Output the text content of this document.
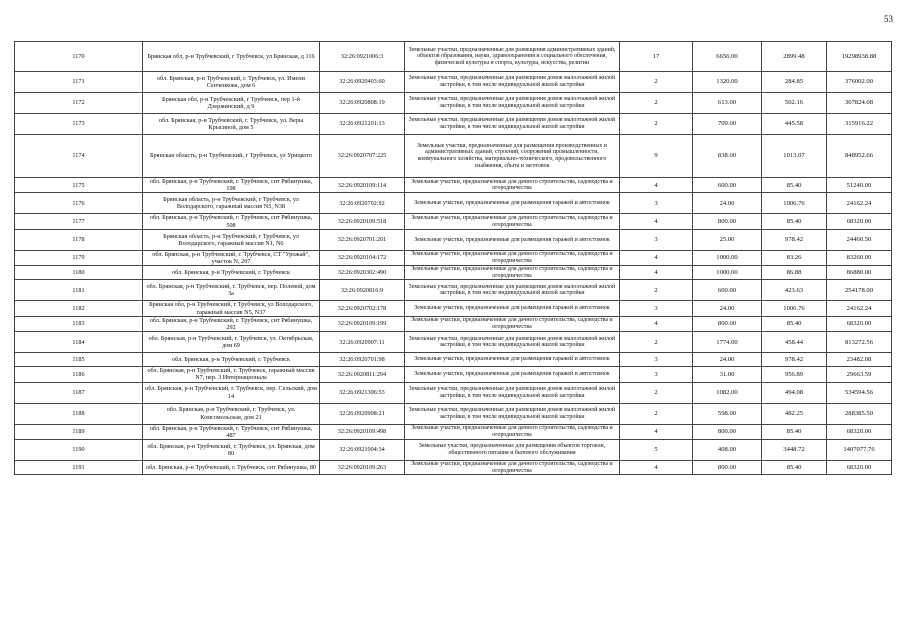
53
1170	Брянская обл, р-н Трубчевский, г Трубчевск, ул Брянская, д 116	32:26:0921006:3	Земельные участки, предназначенные для размещения административных зданий, объектов образования, науки, здравоохранения и социального обеспечения, физической культуры и спорта, культуры, искусства, религии	17	6656.00	2899.48	19298938.88
1171	обл. Брянская, р-н Трубчевский, г. Трубчевск, ул. Имени Сенченкова, дом 6	32:26:0920403:60	Земельные участки, предназначенные для размещения домов малоэтажной жилой застройки, в том числе индивидуальной жилой застройки	2	1320.00	284.85	376002.00
1172	Брянская обл, р-н Трубчевский, г Трубчевск, пер 1-й Дзержинский, д 9	32:26:0920808:19	Земельные участки, предназначенные для размещения домов малоэтажной жилой застройки, в том числе индивидуальной жилой застройки	2	613.00	502.16	307824.08
1173	обл. Брянская, р-н Трубчевский, г. Трубчевск, ул. Веры Крысиной, дом 5	32:26:0921201:13	Земельные участки, предназначенные для размещения домов малоэтажной жилой застройки, в том числе индивидуальной жилой застройки	2	709.00	445.58	315916.22
1174	Брянская область, р-н Трубчевский, г Трубчевск, ул Урицкого	32:26:0920707:225	Земельные участки, предназначенные для размещения производственных и административных зданий, строений, сооружений промышленности, коммунального хозяйства, материально-технического, продовольственного снабжения, сбыта и заготовок	9	838.00	1013.07	848952.66
1175	обл. Брянская, р-н Трубчевский, г. Трубчевск, снт Рябинушка, 198	32:26:0920109:114	Земельные участки, предназначенные для дачного строительства, садоводства и огородничества	4	600.00	85.40	51240.00
1176	Брянская область, р-н Трубчевский, г Трубчевск, ул Володарского, гаражный массив N5, N38	32:26:0920702:92	Земельные участки, предназначенные для размещения гаражей и автостоянок	3	24.00	1006.76	24162.24
1177	обл. Брянская, р-н Трубчевский, г. Трубчевск, снт Рябинушка, 508	32:26:0920109:518	Земельные участки, предназначенные для дачного строительства, садоводства и огородничества	4	800.00	85.40	68320.00
1178	Брянская область, р-н Трубчевский, г Трубчевск, ул Володарского, гаражный массив N1, N6	32:26:0920701:201	Земельные участки, предназначенные для размещения гаражей и автостоянок	3	25.00	978.42	24460.50
1179	обл. Брянская, р-н Трубчевский, г. Трубчевск, СТ "Урожай", участок N, 207	32:26:0920104:172	Земельные участки, предназначенные для дачного строительства, садоводства и огородничества	4	1000.00	83.26	83260.00
1180	обл. Брянская, р-н Трубчевский, г. Трубчевск	32:26:0920302:490	Земельные участки, предназначенные для дачного строительства, садоводства и огородничества	4	1000.00	86.88	86880.00
1181	обл. Брянская, р-н Трубчевский, г. Трубчевск, пер. Полевой, дом 3а	32:26:0920816:9	Земельные участки, предназначенные для размещения домов малоэтажной жилой застройки, в том числе индивидуальной жилой застройки	2	600.00	423.63	254178.00
1182	Брянская обл, р-н Трубчевский, г Трубчевск, ул Володарского, гаражный массив N5, N37	32:26:0920702:178	Земельные участки, предназначенные для размещения гаражей и автостоянок	3	24.00	1006.76	24162.24
1183	обл. Брянская, р-н Трубчевский, г. Трубчевск, снт Рябинушка, 292	32:26:0920109:199	Земельные участки, предназначенные для дачного строительства, садоводства и огородничества	4	800.00	85.40	68320.00
1184	обл. Брянская, р-н Трубчевский, г. Трубчевск, ул. Октябрьская, дом 69	32:26:0920907:11	Земельные участки, предназначенные для размещения домов малоэтажной жилой застройки, в том числе индивидуальной жилой застройки	2	1774.00	458.44	813272.56
1185	обл. Брянская, р-н Трубчевский, г. Трубчевск	32:26:0920701:98	Земельные участки, предназначенные для размещения гаражей и автостоянок	3	24.00	978.42	23482.08
1186	обл. Брянская, р-н Трубчевский, г. Трубчевск, гаражный массив N7, пер. 3 Интернационала	32:26:0920811:294	Земельные участки, предназначенные для размещения гаражей и автостоянок	3	31.00	956.89	29663.59
1187	обл. Брянская, р-н Трубчевский, г. Трубчевск, пер. Сельский, дом 14	32:26:0921306:53	Земельные участки, предназначенные для размещения домов малоэтажной жилой застройки, в том числе индивидуальной жилой застройки	2	1082.00	494.08	534594.56
1188	обл. Брянская, р-н Трубчевский, г. Трубчевск, ул. Комсомольская, дом 21	32:26:0920908:21	Земельные участки, предназначенные для размещения домов малоэтажной жилой застройки, в том числе индивидуальной жилой застройки	2	598.00	482.25	288385.50
1189	обл. Брянская, р-н Трубчевский, г. Трубчевск, снт Рябинушка, 487	32:26:0920109:498	Земельные участки, предназначенные для дачного строительства, садоводства и огородничества	4	800.00	85.40	68320.00
1190	обл. Брянская, р-н Трубчевский, г. Трубчевск, ул. Брянская, дом 80	32:26:0921004:34	Земельные участки, предназначенные для размещения объектов торговли, общественного питания и бытового обслуживания	5	408.00	3448.72	1407077.76
1191	обл. Брянская, р-н Трубчевский, г. Трубчевск, снт Рябинушка, 80	32:26:0920109:263	Земельные участки, предназначенные для дачного строительства, садоводства и огородничества	4	800.00	85.40	68320.00
